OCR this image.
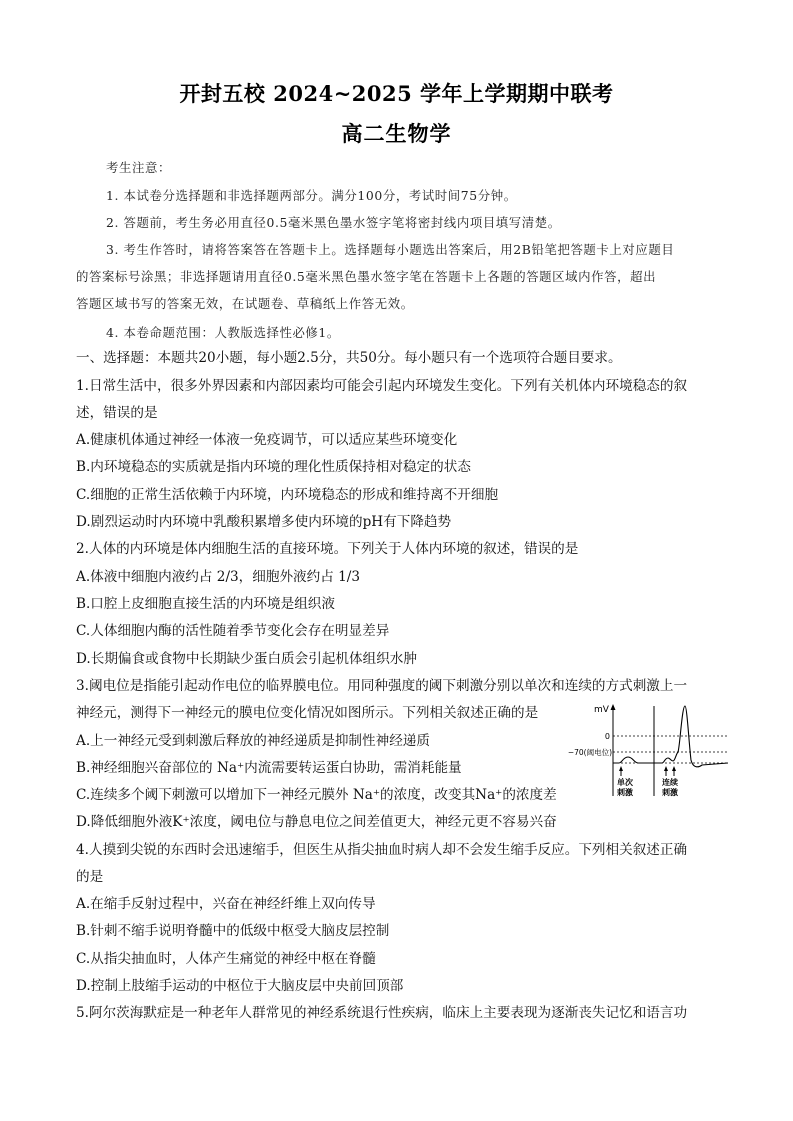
开封五校 2024~2025 学年上学期期中联考
高二生物学
考生注意：
1. 本试卷分选择题和非选择题两部分。满分100分，考试时间75分钟。
2. 答题前，考生务必用直径0.5毫米黑色墨水签字笔将密封线内项目填写清楚。
3. 考生作答时，请将答案答在答题卡上。选择题每小题选出答案后，用2B铅笔把答题卡上对应题目
的答案标号涂黑；非选择题请用直径0.5毫米黑色墨水签字笔在答题卡上各题的答题区域内作答，超出
答题区域书写的答案无效，在试题卷、草稿纸上作答无效。
4. 本卷命题范围：人教版选择性必修1。
一、选择题：本题共20小题，每小题2.5分，共50分。每小题只有一个选项符合题目要求。
1.日常生活中，很多外界因素和内部因素均可能会引起内环境发生变化。下列有关机体内环境稳态的叙
述，错误的是
A.健康机体通过神经一体液一免疫调节，可以适应某些环境变化
B.内环境稳态的实质就是指内环境的理化性质保持相对稳定的状态
C.细胞的正常生活依赖于内环境，内环境稳态的形成和维持离不开细胞
D.剧烈运动时内环境中乳酸积累增多使内环境的pH有下降趋势
2.人体的内环境是体内细胞生活的直接环境。下列关于人体内环境的叙述，错误的是
A.体液中细胞内液约占 2/3，细胞外液约占 1/3
B.口腔上皮细胞直接生活的内环境是组织液
C.人体细胞内酶的活性随着季节变化会存在明显差异
D.长期偏食或食物中长期缺少蛋白质会引起机体组织水肿
3.阈电位是指能引起动作电位的临界膜电位。用同种强度的阈下刺激分别以单次和连续的方式刺激上一
神经元，测得下一神经元的膜电位变化情况如图所示。下列相关叙述正确的是
A.上一神经元受到刺激后释放的神经递质是抑制性神经递质
B.神经细胞兴奋部位的 Na⁺内流需要转运蛋白协助，需消耗能量
C.连续多个阈下刺激可以增加下一神经元膜外 Na⁺的浓度，改变其Na⁺的浓度差
D.降低细胞外液K⁺浓度，阈电位与静息电位之间差值更大，神经元更不容易兴奋
mV
0
−70(阈电位)
单次
刺激
连续
刺激
4.人摸到尖锐的东西时会迅速缩手，但医生从指尖抽血时病人却不会发生缩手反应。下列相关叙述正确
的是
A.在缩手反射过程中，兴奋在神经纤维上双向传导
B.针刺不缩手说明脊髓中的低级中枢受大脑皮层控制
C.从指尖抽血时，人体产生痛觉的神经中枢在脊髓
D.控制上肢缩手运动的中枢位于大脑皮层中央前回顶部
5.阿尔茨海默症是一种老年人群常见的神经系统退行性疾病，临床上主要表现为逐渐丧失记忆和语言功
